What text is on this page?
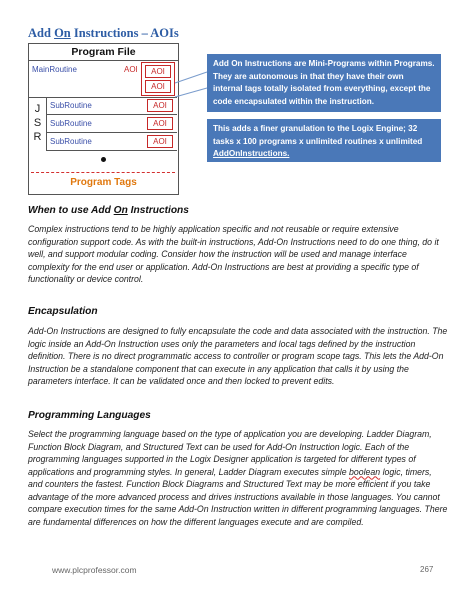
Add On Instructions – AOIs
Program File
MainRoutine	AOI	AOI
AOI
J
S
R
SubRoutine	AOI
SubRoutine	AOI
SubRoutine	AOI
Program Tags
Add On Instructions are Mini-Programs within Programs. They are autonomous in that they have their own internal tags totally isolated from everything, except the code encapsulated within the instruction.
This adds a finer granulation to the Logix Engine; 32 tasks x 100 programs x unlimited routines x unlimited AddOnInstructions.
When to use Add On Instructions

Complex instructions tend to be highly application specific and not reusable or require extensive configuration support code. As with the built-in instructions, Add-On Instructions need to do one thing, do it well, and support modular coding. Consider how the instruction will be used and manage interface complexity for the end user or application. Add-On Instructions are best at providing a specific type of functionality or device control.

Encapsulation

Add-On Instructions are designed to fully encapsulate the code and data associated with the instruction. The logic inside an Add-On Instruction uses only the parameters and local tags defined by the instruction definition. There is no direct programmatic access to controller or program scope tags. This lets the Add-On Instruction be a standalone component that can execute in any application that calls it by using the parameters interface. It can be validated once and then locked to prevent edits.

Programming Languages

Select the programming language based on the type of application you are developing. Ladder Diagram, Function Block Diagram, and Structured Text can be used for Add-On Instruction logic. Each of the programming languages supported in the Logix Designer application is targeted for different types of applications and programming styles. In general, Ladder Diagram executes simple boolean logic, timers, and counters the fastest. Function Block Diagrams and Structured Text may be more efficient if you take advantage of the more advanced process and drives instructions available in those languages. You cannot compare execution times for the same Add-On Instruction written in different programming languages. There are fundamental differences on how the different languages execute and are compiled.

www.plcprofessor.com	267
